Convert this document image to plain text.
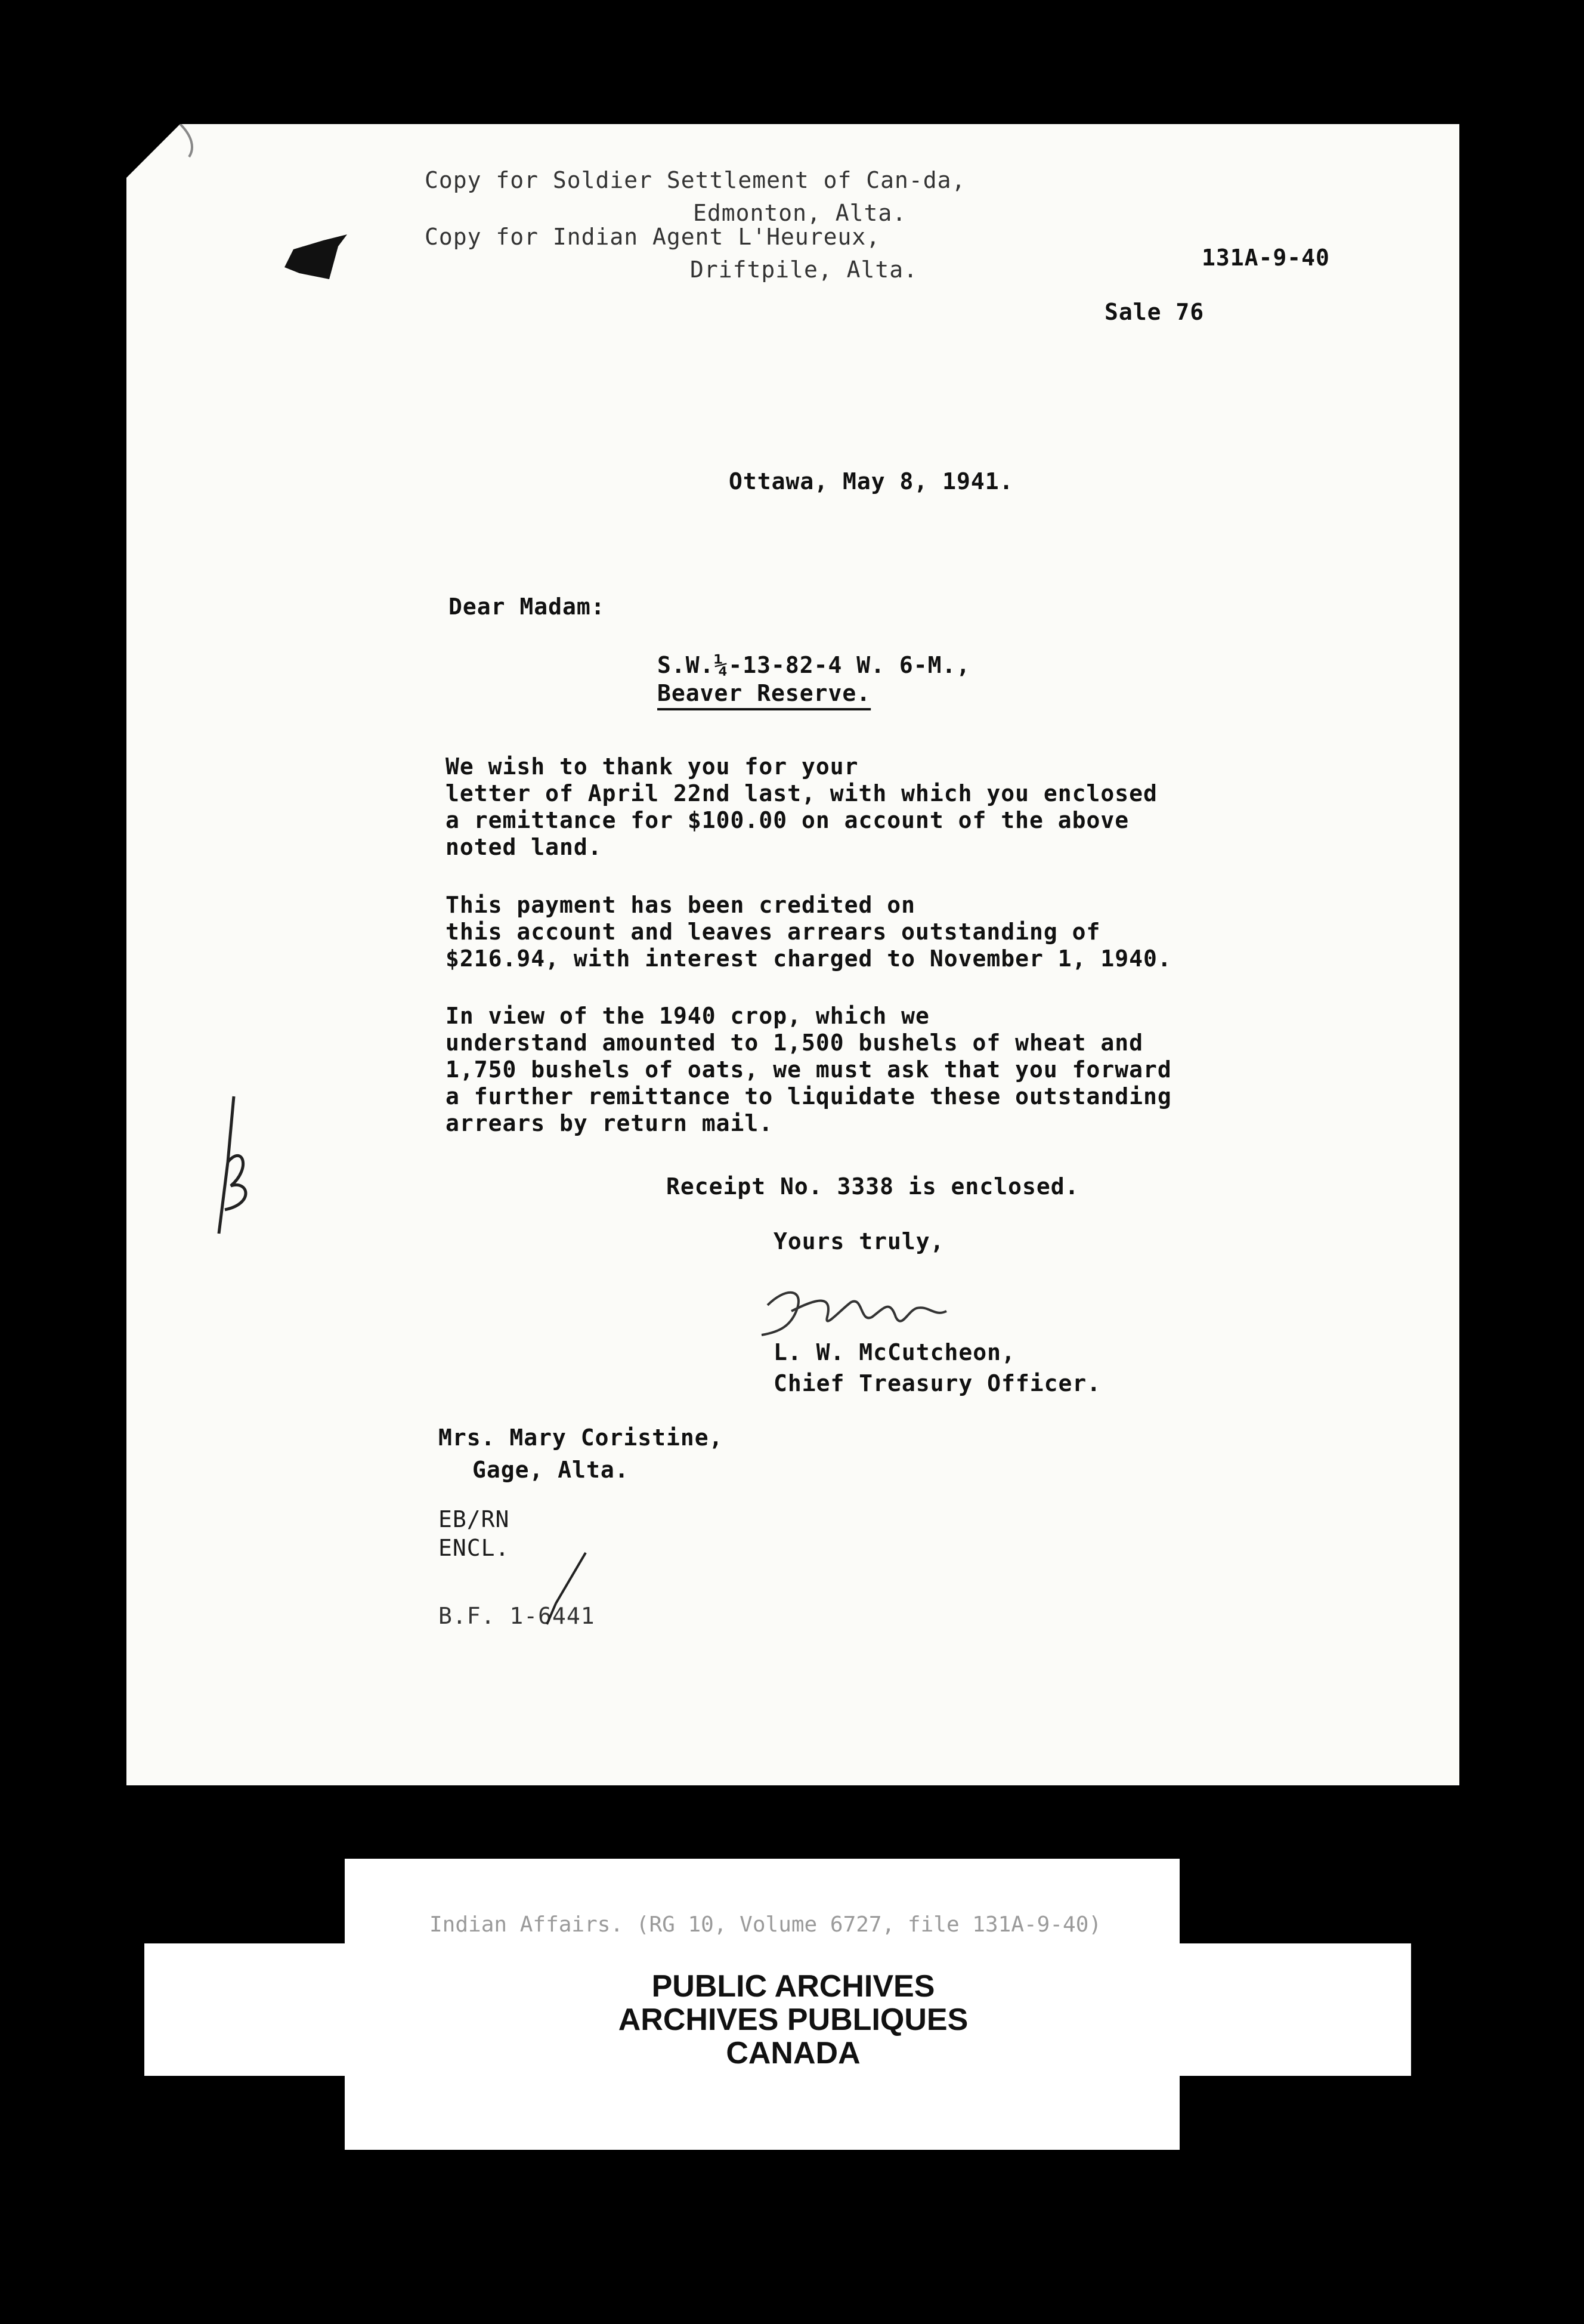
Copy for Soldier Settlement of Can-da,
Edmonton, Alta.
Copy for Indian Agent L'Heureux,
Driftpile, Alta.	131A-9-40
Sale 76
Ottawa, May 8, 1941.
Dear Madam:
S.W.¼-13-82-4 W. 6-M.,
Beaver Reserve.
We wish to thank you for your
letter of April 22nd last, with which you enclosed
a remittance for $100.00 on account of the above
noted land.
This payment has been credited on
this account and leaves arrears outstanding of
$216.94, with interest charged to November 1, 1940.
In view of the 1940 crop, which we
understand amounted to 1,500 bushels of wheat and
1,750 bushels of oats, we must ask that you forward
a further remittance to liquidate these outstanding
arrears by return mail.
Receipt No. 3338 is enclosed.
Yours truly,
L. W. McCutcheon,
Chief Treasury Officer.
Mrs. Mary Coristine,
Gage, Alta.
EB/RN
ENCL.
B.F. 1-6441
Indian Affairs. (RG 10, Volume 6727, file 131A-9-40)
PUBLIC ARCHIVES
ARCHIVES PUBLIQUES
CANADA
